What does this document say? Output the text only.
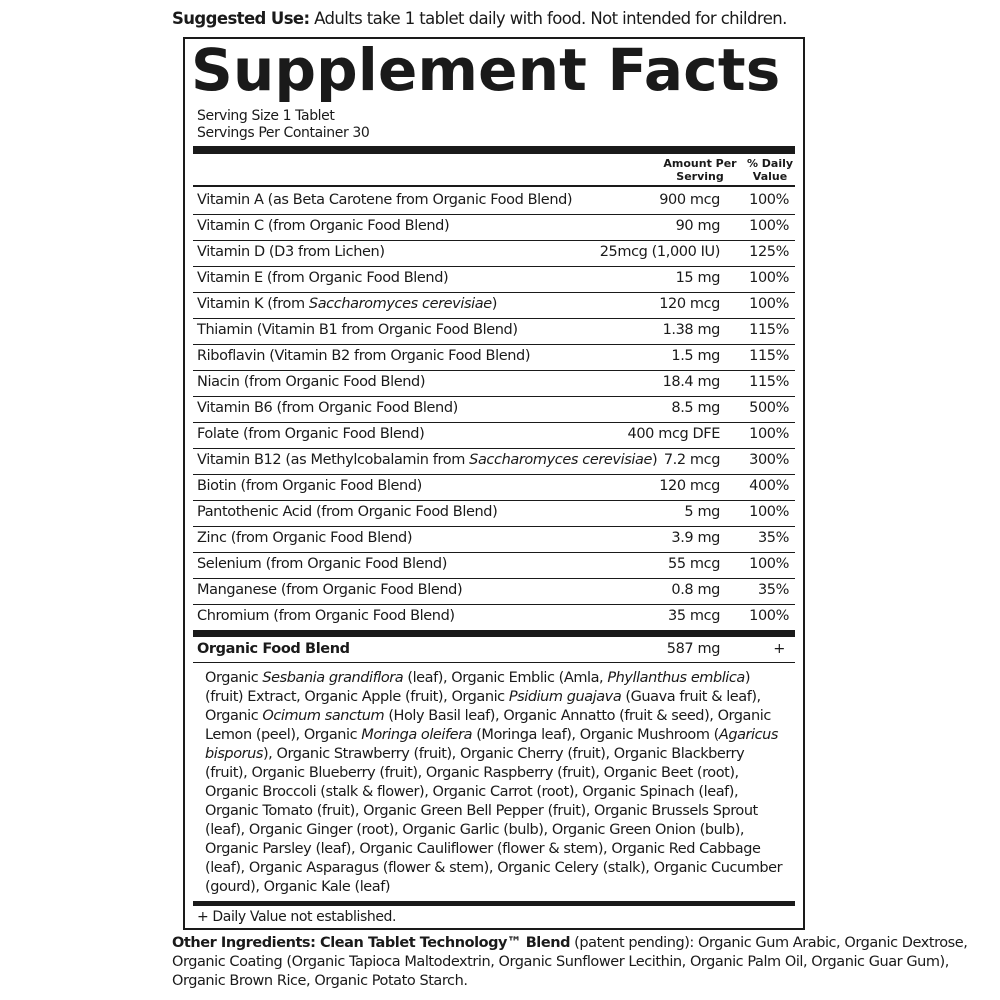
Suggested Use: Adults take 1 tablet daily with food. Not intended for children.
Supplement Facts
Serving Size 1 Tablet
Servings Per Container 30
Amount Per Serving
% Daily Value
Vitamin A (as Beta Carotene from Organic Food Blend)	900 mcg 100%
Vitamin C (from Organic Food Blend)	90 mg 100%
Vitamin D (D3 from Lichen)	25mcg (1,000 IU) 125%
Vitamin E (from Organic Food Blend)	15 mg 100%
Vitamin K (from Saccharomyces cerevisiae)	120 mcg 100%
Thiamin (Vitamin B1 from Organic Food Blend)	1.38 mg 115%
Riboflavin (Vitamin B2 from Organic Food Blend)	1.5 mg 115%
Niacin (from Organic Food Blend)	18.4 mg 115%
Vitamin B6 (from Organic Food Blend)	8.5 mg 500%
Folate (from Organic Food Blend)	400 mcg DFE 100%
Vitamin B12 (as Methylcobalamin from Saccharomyces cerevisiae) 7.2 mcg 300%
Biotin (from Organic Food Blend)	120 mcg 400%
Pantothenic Acid (from Organic Food Blend)	5 mg 100%
Zinc (from Organic Food Blend)	3.9 mg	35%
Selenium (from Organic Food Blend)	55 mcg 100%
Manganese (from Organic Food Blend)	0.8 mg	35%
Chromium (from Organic Food Blend)	35 mcg 100%
Organic Food Blend	587 mg	+
Organic Sesbania grandiflora (leaf), Organic Emblic (Amla, Phyllanthus emblica) (fruit) Extract, Organic Apple (fruit), Organic Psidium guajava (Guava fruit & leaf), Organic Ocimum sanctum (Holy Basil leaf), Organic Annatto (fruit & seed), Organic Lemon (peel), Organic Moringa oleifera (Moringa leaf), Organic Mushroom (Agaricus bisporus), Organic Strawberry (fruit), Organic Cherry (fruit), Organic Blackberry (fruit), Organic Blueberry (fruit), Organic Raspberry (fruit), Organic Beet (root), Organic Broccoli (stalk & flower), Organic Carrot (root), Organic Spinach (leaf), Organic Tomato (fruit), Organic Green Bell Pepper (fruit), Organic Brussels Sprout (leaf), Organic Ginger (root), Organic Garlic (bulb), Organic Green Onion (bulb), Organic Parsley (leaf), Organic Cauliflower (flower & stem), Organic Red Cabbage (leaf), Organic Asparagus (flower & stem), Organic Celery (stalk), Organic Cucumber (gourd), Organic Kale (leaf)
+ Daily Value not established.
Other Ingredients: Clean Tablet Technology™ Blend (patent pending): Organic Gum Arabic, Organic Dextrose, Organic Coating (Organic Tapioca Maltodextrin, Organic Sunflower Lecithin, Organic Palm Oil, Organic Guar Gum), Organic Brown Rice, Organic Potato Starch.
